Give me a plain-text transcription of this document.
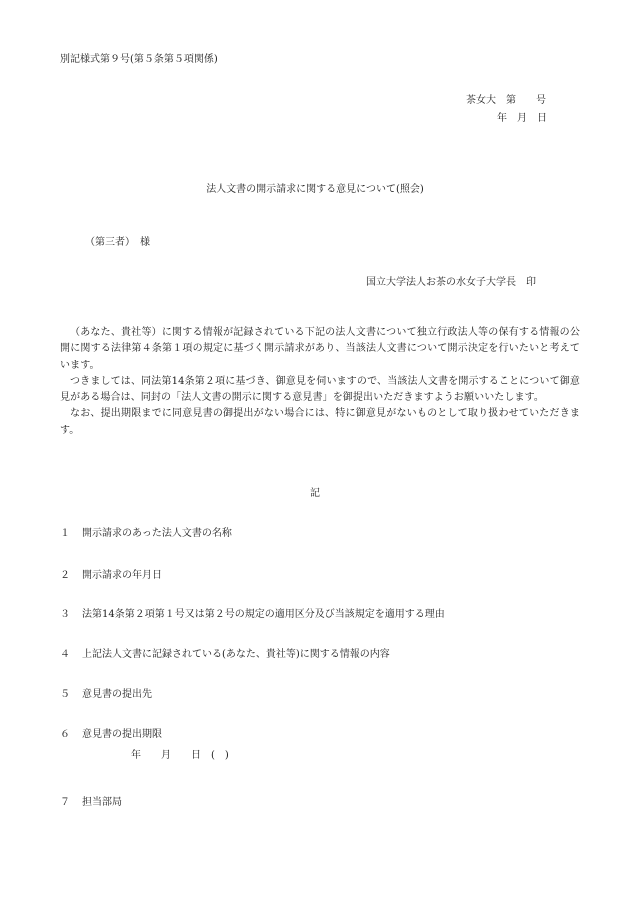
別記様式第９号(第５条第５項関係)
茶女大　第　　号
年　月　日
法人文書の開示請求に関する意見について(照会)
（第三者）　様
国立大学法人お茶の水女子大学長　印

（あなた、貴社等）に関する情報が記録されている下記の法人文書について独立行政法人等の保有する情報の公開に関する法律第４条第１項の規定に基づく開示請求があり、当該法人文書について開示決定を行いたいと考えています。

つきましては、同法第14条第２項に基づき、御意見を伺いますので、当該法人文書を開示することについて御意見がある場合は、同封の「法人文書の開示に関する意見書」を御提出いただきますようお願いいたします。

なお、提出期限までに同意見書の御提出がない場合には、特に御意見がないものとして取り扱わせていただきます。

記
１ 開示請求のあった法人文書の名称
２ 開示請求の年月日
３ 法第14条第２項第１号又は第２号の規定の適用区分及び当該規定を適用する理由
４ 上記法人文書に記録されている(あなた、貴社等)に関する情報の内容
５ 意見書の提出先
６ 意見書の提出期限
年　　月　　日　(　)
７ 担当部局
